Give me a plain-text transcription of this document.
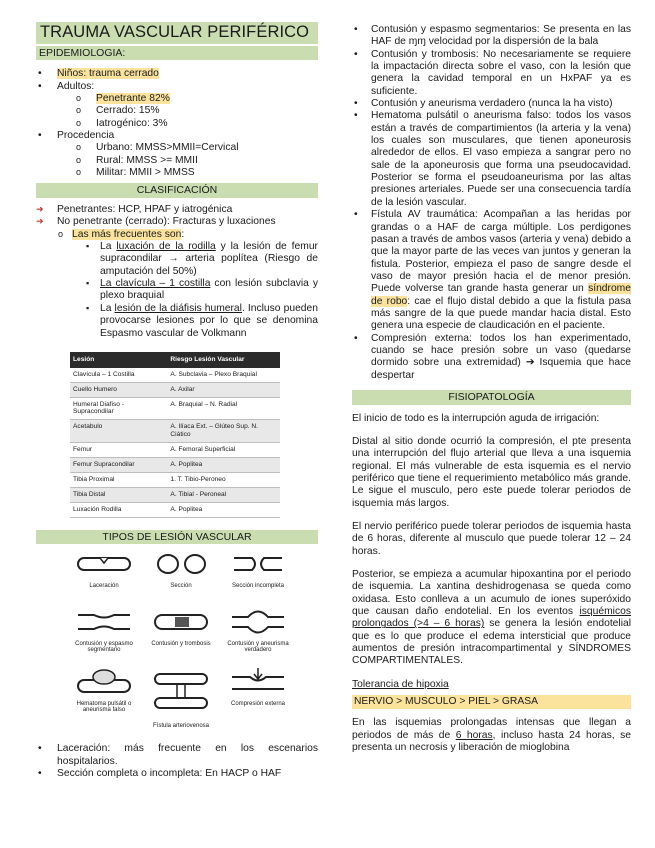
TRAUMA VASCULAR PERIFÉRICO
EPIDEMIOLOGIA:
• Niños: trauma cerrado
• Adultos:
o Penetrante 82%
o Cerrado: 15%
o Iatrogénico: 3%
• Procedencia
o Urbano: MMSS>MMII=Cervical
o Rural: MMSS >= MMII
o Militar: MMII > MMSS
CLASIFICACIÓN
➜ Penetrantes: HCP, HPAF y iatrogénica
➜ No penetrante (cerrado): Fracturas y luxaciones
o Las más frecuentes son:
▪ La luxación de la rodilla y la lesión de femur supracondilar → arteria poplítea (Riesgo de amputación del 50%)
▪ La clavícula – 1 costilla con lesión subclavia y plexo braquial
▪ La lesión de la diáfisis humeral. Incluso pueden provocarse lesiones por lo que se denomina Espasmo vascular de Volkmann
Lesión	Riesgo Lesión Vascular
Clavícula – 1 Costilla	A. Subclavia – Plexo Braquial
Cuello Humero	A. Axilar
Humeral Diafiso - Supracondilar	A. Braquial – N. Radial
Acetabulo	A. Ilíaca Ext. – Glúteo Sup. N. Ciático
Femur	A. Femoral Superficial
Femur Supracondilar	A. Poplitea
Tibia Proximal	1. T. Tibio-Peroneo
Tibia Distal	A. Tibial - Peroneal
Luxación Rodilla	A. Poplitea
TIPOS DE LESIÓN VASCULAR
Laceración	Sección	Sección incompleta
Contusión y espasmo segmentario
Contusión y trombosis	Contusión y aneurisma verdadero
Hematoma pulsátil o aneurisma falso
Fístula arteriovenosa
Compresión externa
• Laceración: más frecuente en los escenarios hospitalarios.
• Sección completa o incompleta: En HACP o HAF
• Contusión y espasmo segmentarios: Se presenta en las HAF de ɱɱ velocidad por la dispersión de la bala
• Contusión y trombosis: No necesariamente se requiere la impactación directa sobre el vaso, con la lesión que genera la cavidad temporal en un HxPAF ya es suficiente.
• Contusión y aneurisma verdadero (nunca la ha visto)
• Hematoma pulsátil o aneurisma falso: todos los vasos están a través de compartimientos (la arteria y la vena) los cuales son musculares, que tienen aponeurosis alrededor de ellos. El vaso empieza a sangrar pero no sale de la aponeurosis que forma una pseudocavidad. Posterior se forma el pseudoaneurisma por las altas presiones arteriales. Puede ser una consecuencia tardía de la lesión vascular.
• Fístula AV traumática: Acompañan a las heridas por grandas o a HAF de carga múltiple. Los perdigones pasan a través de ambos vasos (arteria y vena) debido a que la mayor parte de las veces van juntos y generan la fistula. Posterior, empieza el paso de sangre desde el vaso de mayor presión hacia el de menor presión. Puede volverse tan grande hasta generar un síndrome de robo: cae el flujo distal debido a que la fistula pasa más sangre de la que puede mandar hacia distal. Esto genera una especie de claudicación en el paciente.
• Compresión externa: todos los han experimentado, cuando se hace presión sobre un vaso (quedarse dormido sobre una extremidad) ➔ Isquemia que hace despertar
FISIOPATOLOGÍA

El inicio de todo es la interrupción aguda de irrigación:

Distal al sitio donde ocurrió la compresión, el pte presenta una interrupción del flujo arterial que lleva a una isquemia regional. El más vulnerable de esta isquemia es el nervio periférico que tiene el requerimiento metabólico más grande. Le sigue el musculo, pero este puede tolerar periodos de isquemia más largos.

El nervio periférico puede tolerar periodos de isquemia hasta de 6 horas, diferente al musculo que puede tolerar 12 – 24 horas.

Posterior, se empieza a acumular hipoxantina por el periodo de isquemia. La xantina deshidrogenasa se queda como oxidasa. Esto conlleva a un acumulo de iones superóxido que causan daño endotelial. En los eventos isquémicos prolongados (>4 – 6 horas) se genera la lesión endotelial que es lo que produce el edema intersticial que produce aumentos de presión intracompartimental y SÍNDROMES COMPARTIMENTALES.

Tolerancia de hipoxia

NERVIO > MUSCULO > PIEL > GRASA

En las isquemias prolongadas intensas que llegan a periodos de más de 6 horas, incluso hasta 24 horas, se presenta un necrosis y liberación de mioglobina
